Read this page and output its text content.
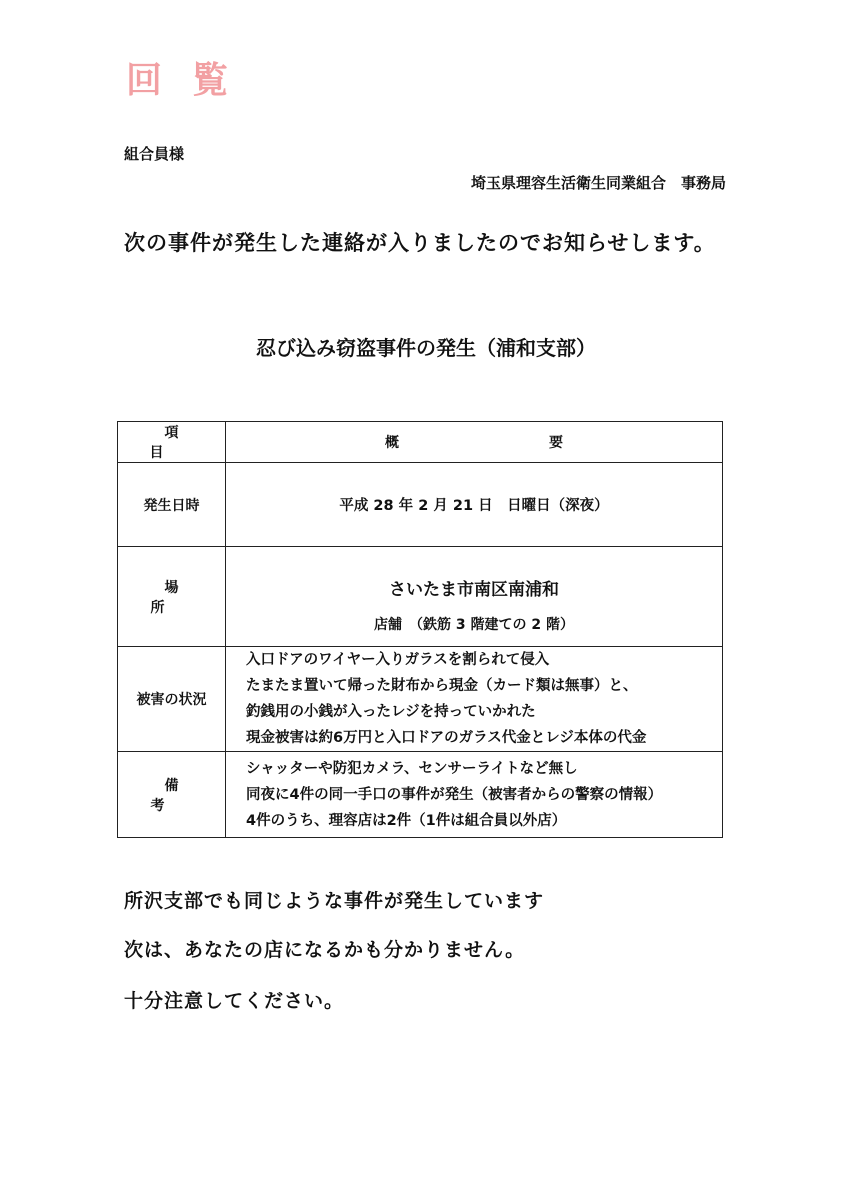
回覧
組合員様
埼玉県理容生活衛生同業組合　事務局
次の事件が発生した連絡が入りましたのでお知らせします。
忍び込み窃盗事件の発生（浦和支部）
項目	概要
発生日時	平成 28 年 2 月 21 日　日曜日（深夜）
場所	さいたま市南区南浦和
店舗　（鉄筋 3 階建ての 2 階）

被害の状況	入口ドアのワイヤー入りガラスを割られて侵入
たまたま置いて帰った財布から現金（カード類は無事）と、
釣銭用の小銭が入ったレジを持っていかれた
現金被害は約6万円と入口ドアのガラス代金とレジ本体の代金

備考	シャッターや防犯カメラ、センサーライトなど無し
同夜に4件の同一手口の事件が発生（被害者からの警察の情報）
4件のうち、理容店は2件（1件は組合員以外店）
所沢支部でも同じような事件が発生しています
次は、あなたの店になるかも分かりません。
十分注意してください。
